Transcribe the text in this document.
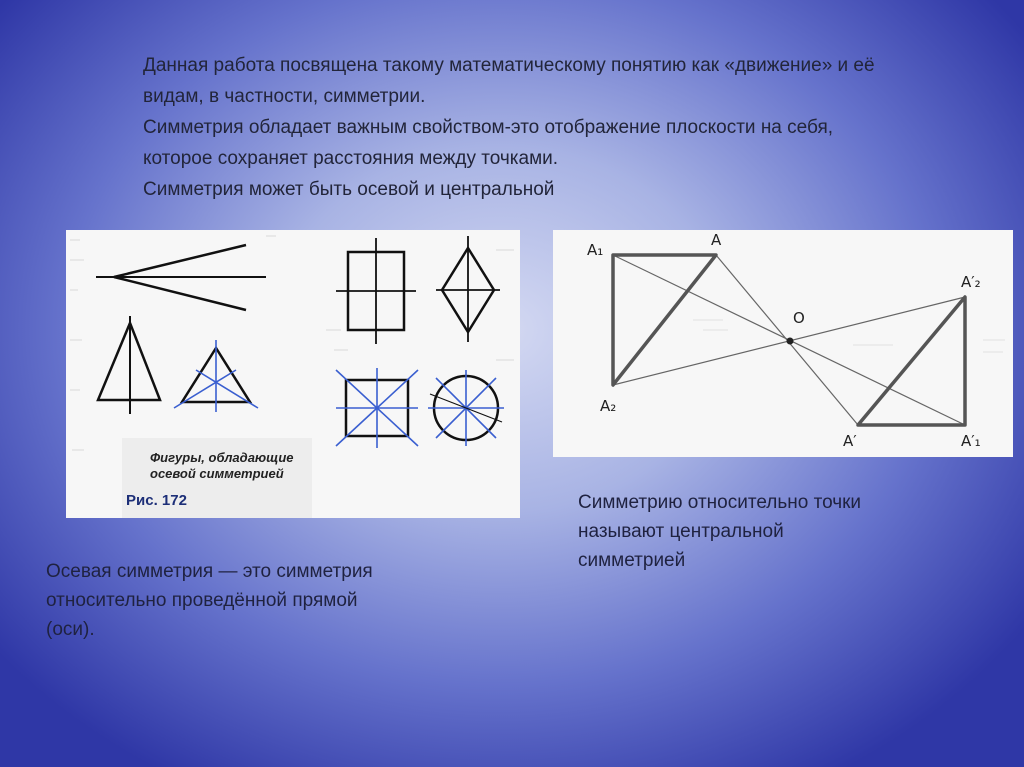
Данная работа посвящена такому математическому понятию как «движение» и её видам, в частности, симметрии.

Симметрия обладает важным свойством-это отображение плоскости на себя, которое сохраняет расстояния между точками.

Симметрия может быть осевой и центральной

Фигуры, обладающие
осевой симметрией
Рис. 172
A₁
A
O
A′₂
A₂
A′	A′₁

Симметрию относительно точки называют центральной симметрией

Осевая симметрия — это симметрия относительно проведённой прямой (оси).
